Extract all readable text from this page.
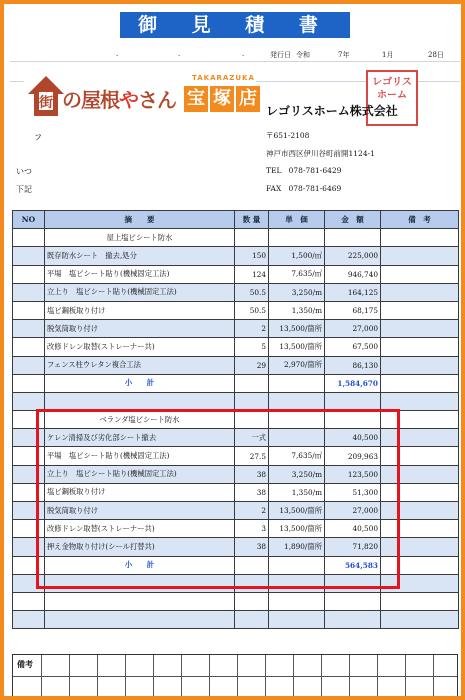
御 見 積 書
.	.	.	発行日 令和	7年	1月	28日
街
TAKARAZUKA
の屋根やさん 宝 塚 店
レゴリスホーム
レゴリスホーム株式会社
〒651-2108
神戸市西区伊川谷町前開1124-1
TEL 078-781-6429
FAX 078-781-6469
フ
いつ
下記
NO	摘　　要	数 量	単　価	金　額	備　考
	屋上塩ビシート防水				
	既存防水シート　撤去,処分	150	1,500/㎡	225,000	
	平場　塩ビシート貼り(機械固定工法)	124	7,635/㎡	946,740	
	立上り　塩ビシート貼り(機械固定工法)	50.5	3,250/m	164,125	
	塩ビ鋼板取り付け	50.5	1,350/m	68,175	
	脱気筒取り付け	2	13,500/箇所	27,000	
	改修ドレン取替(ストレーナー共)	5	13,500/箇所	67,500	
	フェンス柱ウレタン複合工法	29	2,970/箇所	86,130	
	小　　計			1,584,670	

	ベランダ塩ビシート防水				
	ケレン清掃及び劣化部シート撤去	一式		40,500	
	平場　塩ビシート貼り(機械固定工法)	27.5	7,635/㎡	209,963	
	立上り　塩ビシート貼り(機械固定工法)	38	3,250/m	123,500	
	塩ビ鋼板取り付け	38	1,350/m	51,300	
	脱気筒取り付け	2	13,500/箇所	27,000	
	改修ドレン取替(ストレーナー共)	3	13,500/箇所	40,500	
	押え金物取り付け(シール打替共)	38	1,890/箇所	71,820	
	小　　計			564,583	

備考
